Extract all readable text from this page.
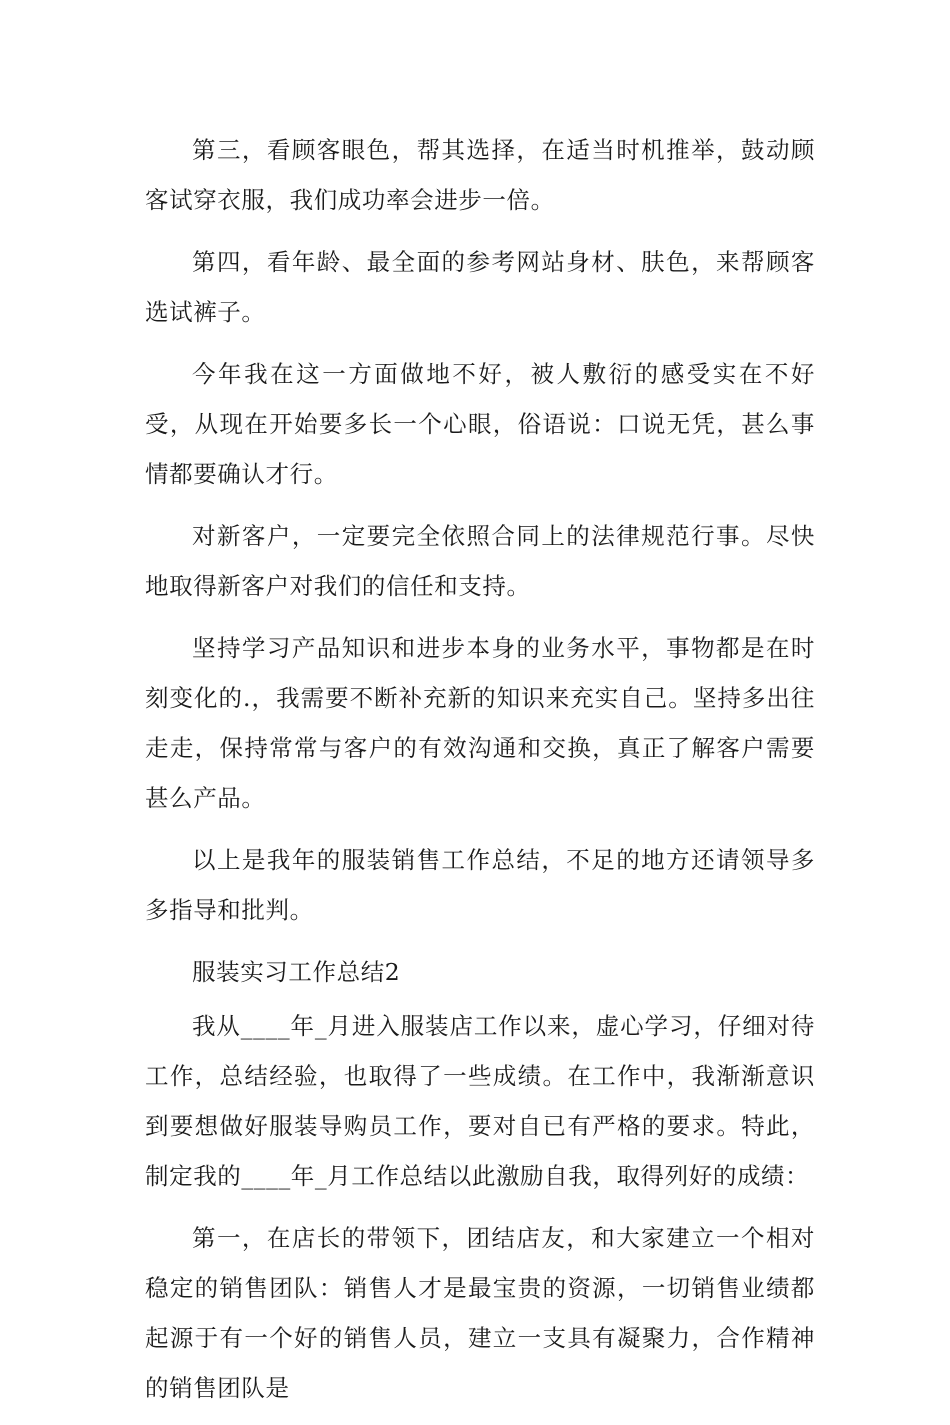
第三，看顾客眼色，帮其选择，在适当时机推举，鼓动顾客试穿衣服，我们成功率会进步一倍。

第四，看年龄、最全面的参考网站身材、肤色，来帮顾客选试裤子。

今年我在这一方面做地不好，被人敷衍的感受实在不好受，从现在开始要多长一个心眼，俗语说：口说无凭，甚么事情都要确认才行。

对新客户，一定要完全依照合同上的法律规范行事。尽快地取得新客户对我们的信任和支持。

坚持学习产品知识和进步本身的业务水平，事物都是在时刻变化的.，我需要不断补充新的知识来充实自己。坚持多出往走走，保持常常与客户的有效沟通和交换，真正了解客户需要甚么产品。

以上是我年的服装销售工作总结，不足的地方还请领导多多指导和批判。

服装实习工作总结2

我从____年_月进入服装店工作以来，虚心学习，仔细对待工作，总结经验，也取得了一些成绩。在工作中，我渐渐意识到要想做好服装导购员工作，要对自已有严格的要求。特此，制定我的____年_月工作总结以此激励自我，取得列好的成绩：

第一，在店长的带领下，团结店友，和大家建立一个相对稳定的销售团队：销售人才是最宝贵的资源，一切销售业绩都起源于有一个好的销售人员，建立一支具有凝聚力，合作精神的销售团队是
